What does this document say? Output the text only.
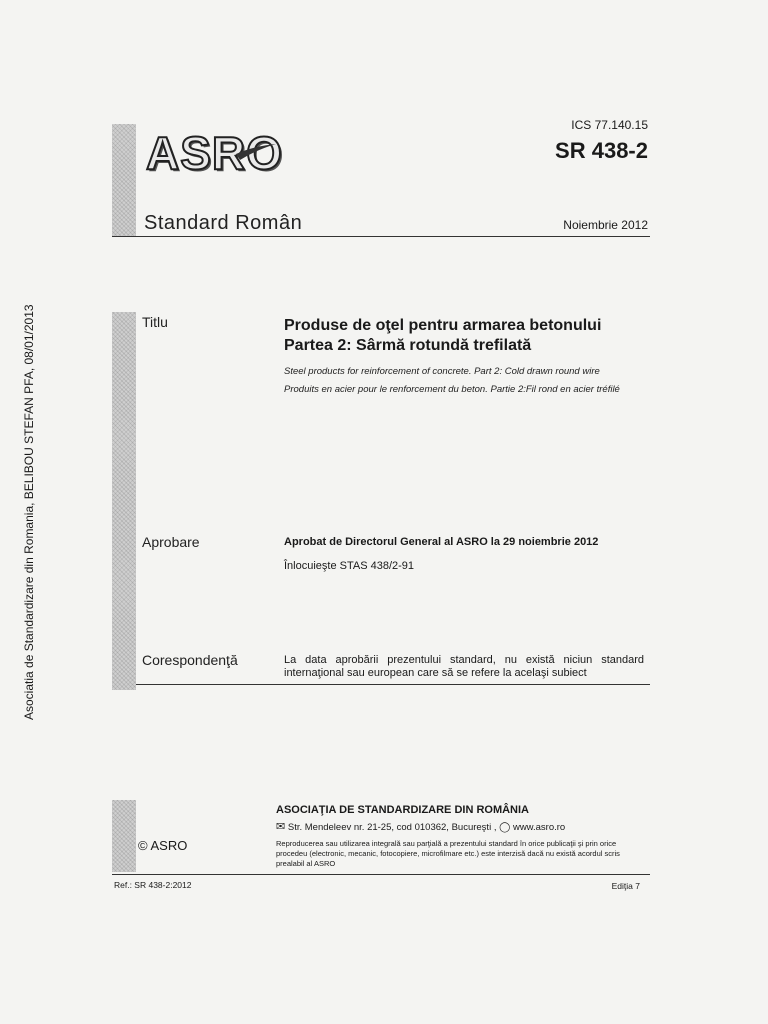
Asociatia de Standardizare din Romania, BELIBOU STEFAN PFA, 08/01/2013
ASRO
Standard Român
ICS 77.140.15
SR 438-2
Noiembrie 2012
Titlu	Produse de oţel pentru armarea betonului
Partea 2: Sârmă rotundă trefilată
Steel products for reinforcement of concrete. Part 2: Cold drawn round wire
Produits en acier pour le renforcement du beton. Partie 2:Fil rond en acier tréfilé
Aprobare	Aprobat de Directorul General al ASRO la 29 noiembrie 2012
Înlocuieşte STAS 438/2-91
Corespondenţă	La data aprobării prezentului standard, nu există niciun standard internaţional sau european care să se refere la acelaşi subiect
ASOCIAŢIA DE STANDARDIZARE DIN ROMÂNIA
✉ Str. Mendeleev nr. 21-25, cod 010362, Bucureşti , ◯ www.asro.ro
© ASRO	Reproducerea sau utilizarea integrală sau parţială a prezentului standard în orice publicaţii şi prin orice procedeu (electronic, mecanic, fotocopiere, microfilmare etc.) este interzisă dacă nu există acordul scris prealabil al ASRO
Ref.: SR 438-2:2012	Ediţia 7
